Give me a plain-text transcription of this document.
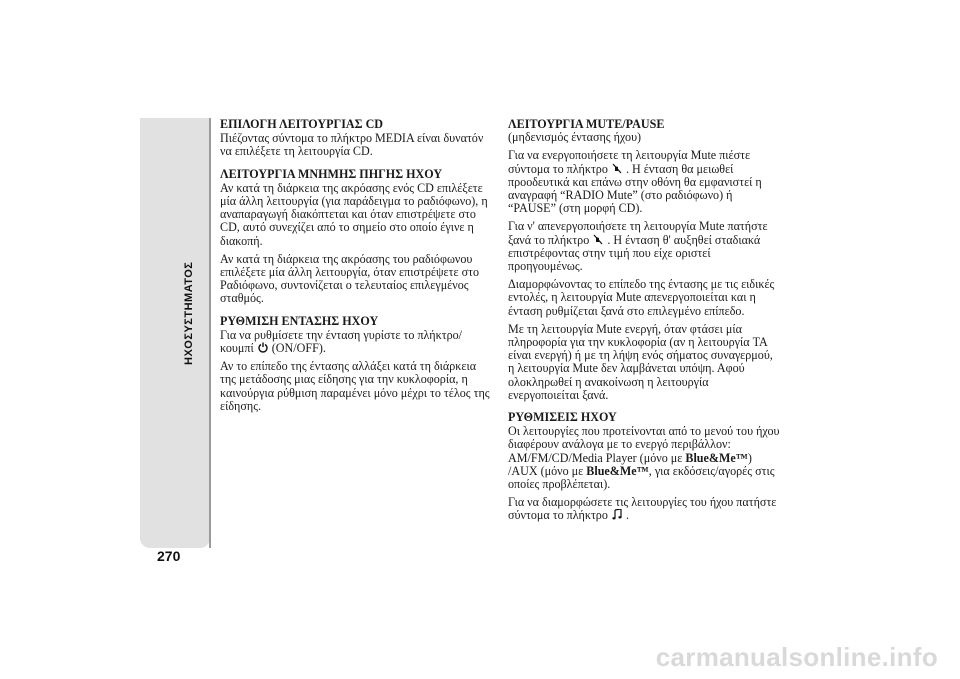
270
ΕΠΙΛΟΓΗ ΛΕΙΤΟΥΡΓΙΑΣ CD

Πιέζοντας σύντομα το πλήκτρο MEDIA είναι δυνατόν να επιλέξετε τη λειτουργία CD.

ΛΕΙΤΟΥΡΓΙΑ ΜΝΗΜΗΣ ΠΗΓΗΣ ΗΧΟΥ

Αν κατά τη διάρκεια της ακρόασης ενός CD επιλέξετε μία άλλη λειτουργία (για παράδειγμα το ραδιόφωνο), η αναπαραγωγή διακόπτεται και όταν επιστρέψετε στο CD, αυτό συνεχίζει από το σημείο στο οποίο έγινε η διακοπή.

Αν κατά τη διάρκεια της ακρόασης του ραδιόφωνου επιλέξετε μία άλλη λειτουργία, όταν επιστρέψετε στο Ραδιόφωνο, συντονίζεται ο τελευταίος επιλεγμένος σταθμός.

ΡΥΘΜΙΣΗ ΕΝΤΑΣΗΣ ΗΧΟΥ

Για να ρυθμίσετε την ένταση γυρίστε το πλήκτρο/κουμπί (ON/OFF).

Αν το επίπεδο της έντασης αλλάξει κατά τη διάρκεια της μετάδοσης μιας είδησης για την κυκλοφορία, η καινούργια ρύθμιση παραμένει μόνο μέχρι το τέλος της είδησης.

ΛΕΙΤΟΥΡΓΙΑ MUTE/PAUSE

(μηδενισμός έντασης ήχου)

Για να ενεργοποιήσετε τη λειτουργία Mute πιέστε σύντομα το πλήκτρο . Η ένταση θα μειωθεί προοδευτικά και επάνω στην οθόνη θα εμφανιστεί η αναγραφή “RADIO Mute” (στο ραδιόφωνο) ή “PAUSE” (στη μορφή CD).

Για ν' απενεργοποιήσετε τη λειτουργία Mute πατήστε ξανά το πλήκτρο . Η ένταση θ' αυξηθεί σταδιακά επιστρέφοντας στην τιμή που είχε οριστεί προηγουμένως.

Διαμορφώνοντας το επίπεδο της έντασης με τις ειδικές εντολές, η λειτουργία Mute απενεργοποιείται και η ένταση ρυθμίζεται ξανά στο επιλεγμένο επίπεδο.

Με τη λειτουργία Mute ενεργή, όταν φτάσει μία πληροφορία για την κυκλοφορία (αν η λειτουργία TA είναι ενεργή) ή με τη λήψη ενός σήματος συναγερμού, η λειτουργία Mute δεν λαμβάνεται υπόψη. Αφού ολοκληρωθεί η ανακοίνωση η λειτουργία ενεργοποιείται ξανά.

ΡΥΘΜΙΣΕΙΣ ΗΧΟΥ

Οι λειτουργίες που προτείνονται από το μενού του ήχου διαφέρουν ανάλογα με το ενεργό περιβάλλον: AM/FM/CD/Media Player (μόνο με Blue&Me™) /AUX (μόνο με Blue&Me™, για εκδόσεις/αγορές στις οποίες προβλέπεται).

Για να διαμορφώσετε τις λειτουργίες του ήχου πατήστε σύντομα το πλήκτρο .

carmanualsonline.info
